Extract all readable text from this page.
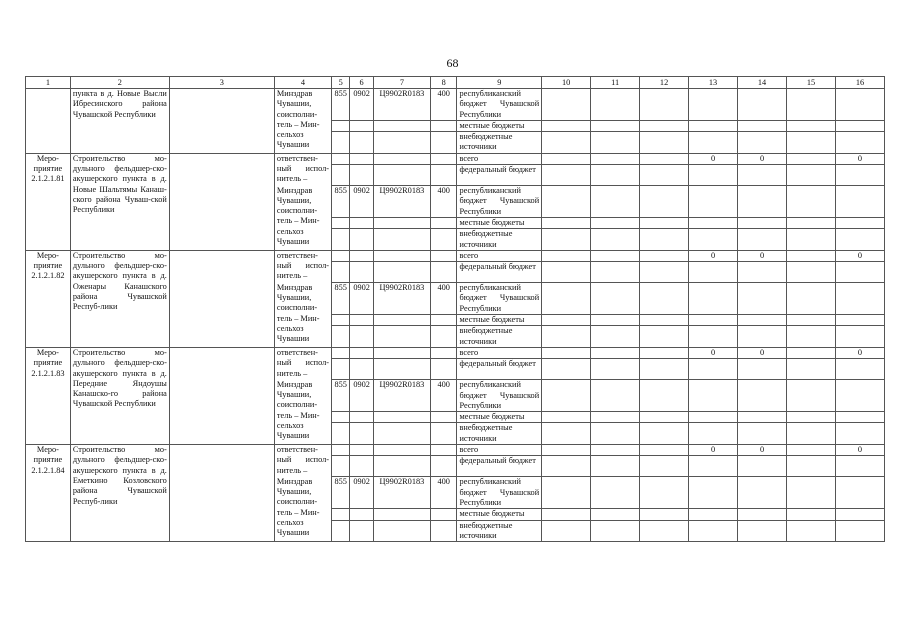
68
1	2	3	4	5	6	7	8	9	10	11	12	13	14	15	16
	пункта в д. Новые Высли Ибресинского района Чувашской Республики		Минздрав Чувашии, соисполни-тель – Мин-сельхоз Чувашии	855	0902	Ц9902R0183	400	республиканский бюджет Чувашской Республики							
								местные бюджеты							
								внебюджетные источники							
Меро-приятие 2.1.2.1.81	Строительство мо-дульного фельдшер-ско-акушерского пункта в д. Новые Шальтямы Канаш-ского района Чуваш-ской Республики		ответствен-ный испол-нитель –					всего				0	0		0
								федеральный бюджет							
			Минздрав Чувашии, соисполни-тель – Мин-сельхоз Чувашии	855	0902	Ц9902R0183	400	республиканский бюджет Чувашской Республики							
								местные бюджеты							
								внебюджетные источники							
Меро-приятие 2.1.2.1.82	Строительство мо-дульного фельдшер-ско-акушерского пункта в д. Оженары Канашского района Чувашской Респуб-лики		ответствен-ный испол-нитель –					всего				0	0		0
								федеральный бюджет							
			Минздрав Чувашии, соисполни-тель – Мин-сельхоз Чувашии	855	0902	Ц9902R0183	400	республиканский бюджет Чувашской Республики							
								местные бюджеты							
								внебюджетные источники							
Меро-приятие 2.1.2.1.83	Строительство мо-дульного фельдшер-ско-акушерского пункта в д. Передние Яндоушы Канашско-го района Чувашской Республики		ответствен-ный испол-нитель –					всего				0	0		0
								федеральный бюджет							
			Минздрав Чувашии, соисполни-тель – Мин-сельхоз Чувашии	855	0902	Ц9902R0183	400	республиканский бюджет Чувашской Республики							
								местные бюджеты							
								внебюджетные источники							
Меро-приятие 2.1.2.1.84	Строительство мо-дульного фельдшер-ско-акушерского пункта в д. Еметкино Козловского района Чувашской Респуб-лики		ответствен-ный испол-нитель –					всего				0	0		0
								федеральный бюджет							
			Минздрав Чувашии, соисполни-тель – Мин-сельхоз Чувашии	855	0902	Ц9902R0183	400	республиканский бюджет Чувашской Республики							
								местные бюджеты							
								внебюджетные источники							
